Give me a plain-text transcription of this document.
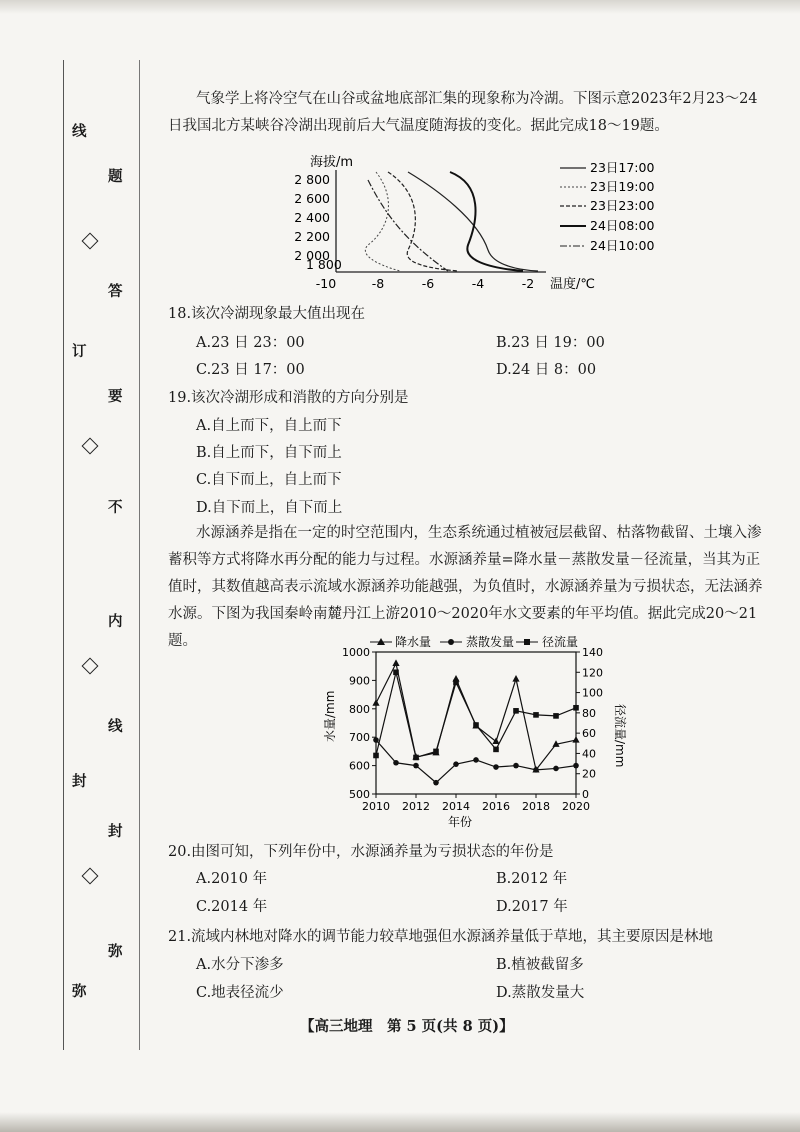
线
订
封
弥
题
答
要
不
内
线
封
弥
气象学上将冷空气在山谷或盆地底部汇集的现象称为冷湖。下图示意2023年2月23～24日我国北方某峡谷冷湖出现前后大气温度随海拔的变化。据此完成18～19题。
海拔/m
2 800
2 600
2 400
2 200
2 000
1 800
-10	-8	-6	-4	-2 温度/℃
23日17:00
23日19:00
23日23:00
24日08:00
24日10:00
18.该次冷湖现象最大值出现在
A.23 日 23：00	B.23 日 19：00
C.23 日 17：00	D.24 日 8：00
19.该次冷湖形成和消散的方向分别是
A.自上而下，自上而下
B.自上而下，自下而上
C.自下而上，自上而下
D.自下而上，自下而上
水源涵养是指在一定的时空范围内，生态系统通过植被冠层截留、枯落物截留、土壤入渗蓄积等方式将降水再分配的能力与过程。水源涵养量=降水量－蒸散发量－径流量，当其为正值时，其数值越高表示流域水源涵养功能越强，为负值时，水源涵养量为亏损状态，无法涵养水源。下图为我国秦岭南麓丹江上游2010～2020年水文要素的年平均值。据此完成20～21题。	降水量	蒸散发量 径流量
水量/mm	径流量/mm
年份
500
600
700
800
900
1000
0
20
40
60
80
100
120
140
2010 2012 2014 2016 2018 2020
20.由图可知，下列年份中，水源涵养量为亏损状态的年份是
A.2010 年	B.2012 年
C.2014 年	D.2017 年
21.流域内林地对降水的调节能力较草地强但水源涵养量低于草地，其主要原因是林地
A.水分下渗多	B.植被截留多
C.地表径流少	D.蒸散发量大
【高三地理　第 5 页(共 8 页)】
